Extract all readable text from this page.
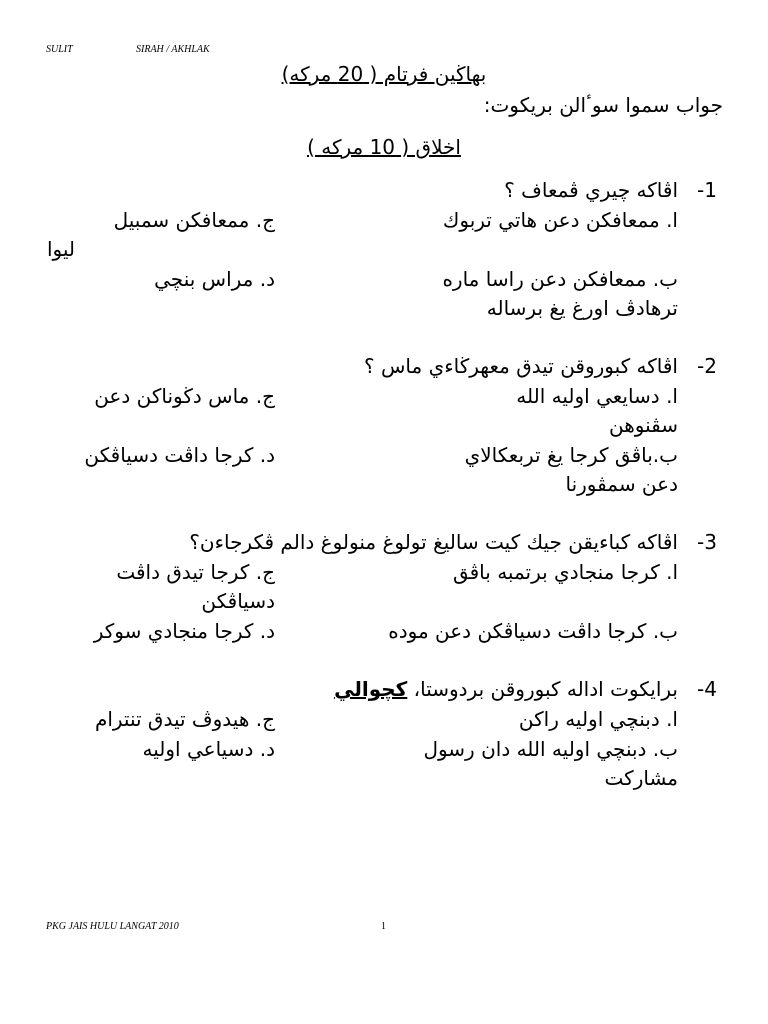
SULIT	SIRAH / AKHLAK
بهاڬين فرتام ( 20 مركه)
جواب سموا سوٴالن بريكوت:
اخلاق ( 10 مركه )
-1
اڤاكه چيري ڤمعاف ؟
ا. ممعافكن دعن هاتي تربوك
ج. ممعافكن سمبيل
ليوا
ب. ممعافكن دعن راسا ماره
د. مراس بنچي
ترهادڤ اورغ يغ برساله
-2
اڤاكه كبوروقن تيدق معهرڬاءي ماس ؟
ا. دسايعي اوليه الله
ج. ماس دڬوناكن دعن
سڤنوهن
ب.باڤق كرجا يغ تربعكالاي
د. كرجا داڤت دسياڤكن
دعن سمڤورنا
-3
اڤاكه كباءيقن جيك كيت ساليغ تولوغ منولوغ دالم ڤكرجاءن؟
ا. كرجا منجادي برتمبه باڤق
ج. كرجا تيدق داڤت
دسياڤكن
ب. كرجا داڤت دسياڤكن دعن موده
د. كرجا منجادي سوكر
-4
برايكوت اداله كبوروقن بردوستا، كچوالي
ا. دبنچي اوليه راكن
ج. هيدوڤ تيدق تنترام
ب. دبنچي اوليه الله دان رسول
د. دسياعي اوليه
مشاركت
PKG JAIS HULU LANGAT 2010	1
